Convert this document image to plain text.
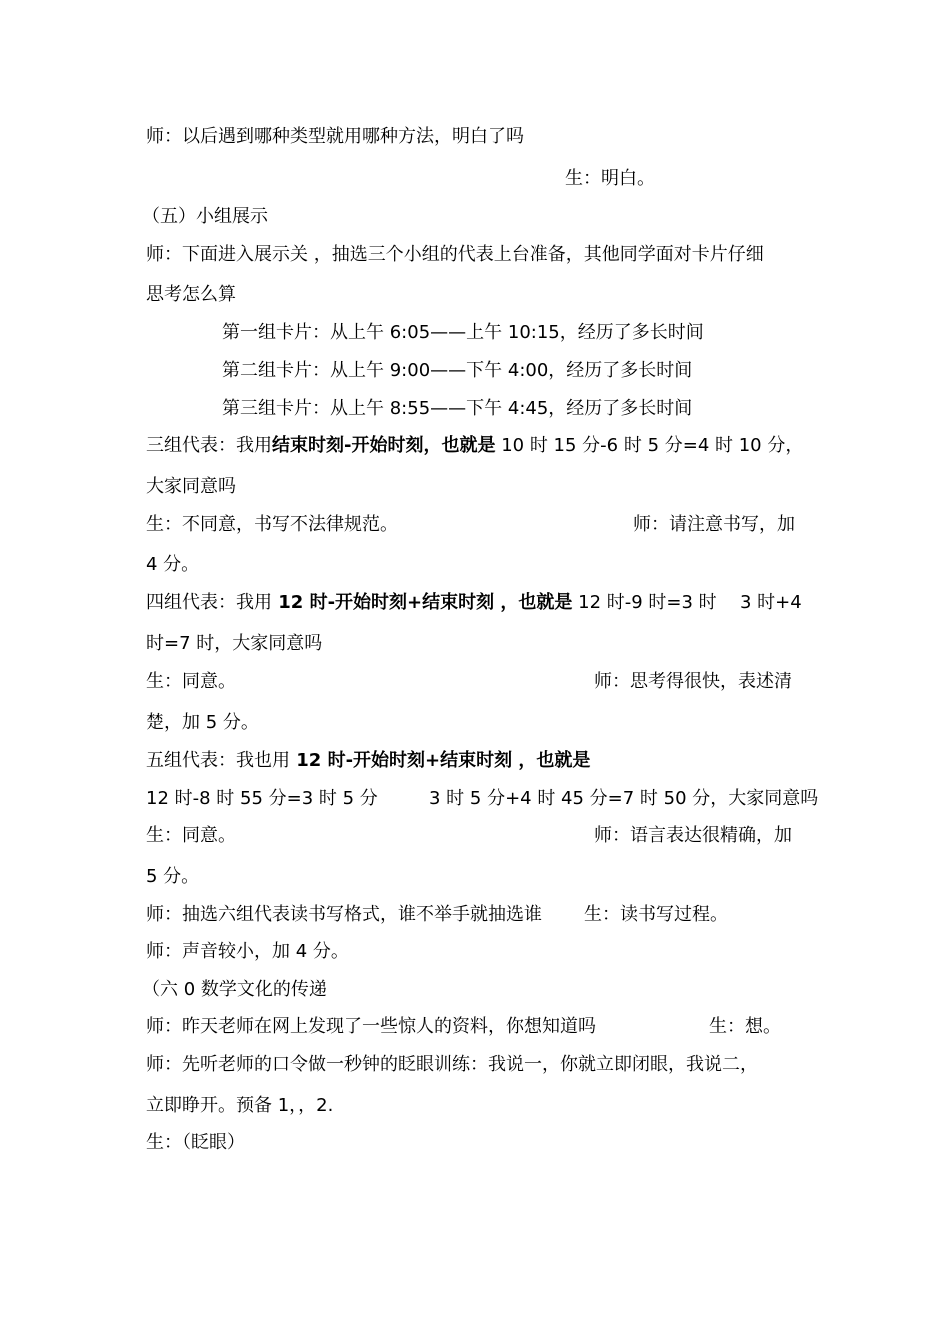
师：以后遇到哪种类型就用哪种方法，明白了吗
生：明白。
（五）小组展示
师：下面进入展示关 ，抽选三个小组的代表上台准备，其他同学面对卡片仔细
思考怎么算
第一组卡片：从上午 6:05——上午 10:15，经历了多长时间
第二组卡片：从上午 9:00——下午 4:00，经历了多长时间
第三组卡片：从上午 8:55——下午 4:45，经历了多长时间
三组代表：我用结束时刻-开始时刻，也就是 10 时 15 分-6 时 5 分=4 时 10 分，
大家同意吗
生：不同意，书写不法律规范。	师：请注意书写，加
4 分。
四组代表：我用 12 时-开始时刻+结束时刻 ，也就是 12 时-9 时=3 时 3 时+4
时=7 时，大家同意吗
生：同意。	师：思考得很快，表述清
楚，加 5 分。
五组代表：我也用 12 时-开始时刻+结束时刻 ，也就是
12 时-8 时 55 分=3 时 5 分	3 时 5 分+4 时 45 分=7 时 50 分，大家同意吗
生：同意。	师：语言表达很精确，加
5 分。
师：抽选六组代表读书写格式，谁不举手就抽选谁 生：读书写过程。
师：声音较小，加 4 分。
（六 0 数学文化的传递
师：昨天老师在网上发现了一些惊人的资料，你想知道吗	生：想。
师：先听老师的口令做一秒钟的眨眼训练：我说一，你就立即闭眼，我说二，
立即睁开。预备 1，，2.
生：（眨眼）
